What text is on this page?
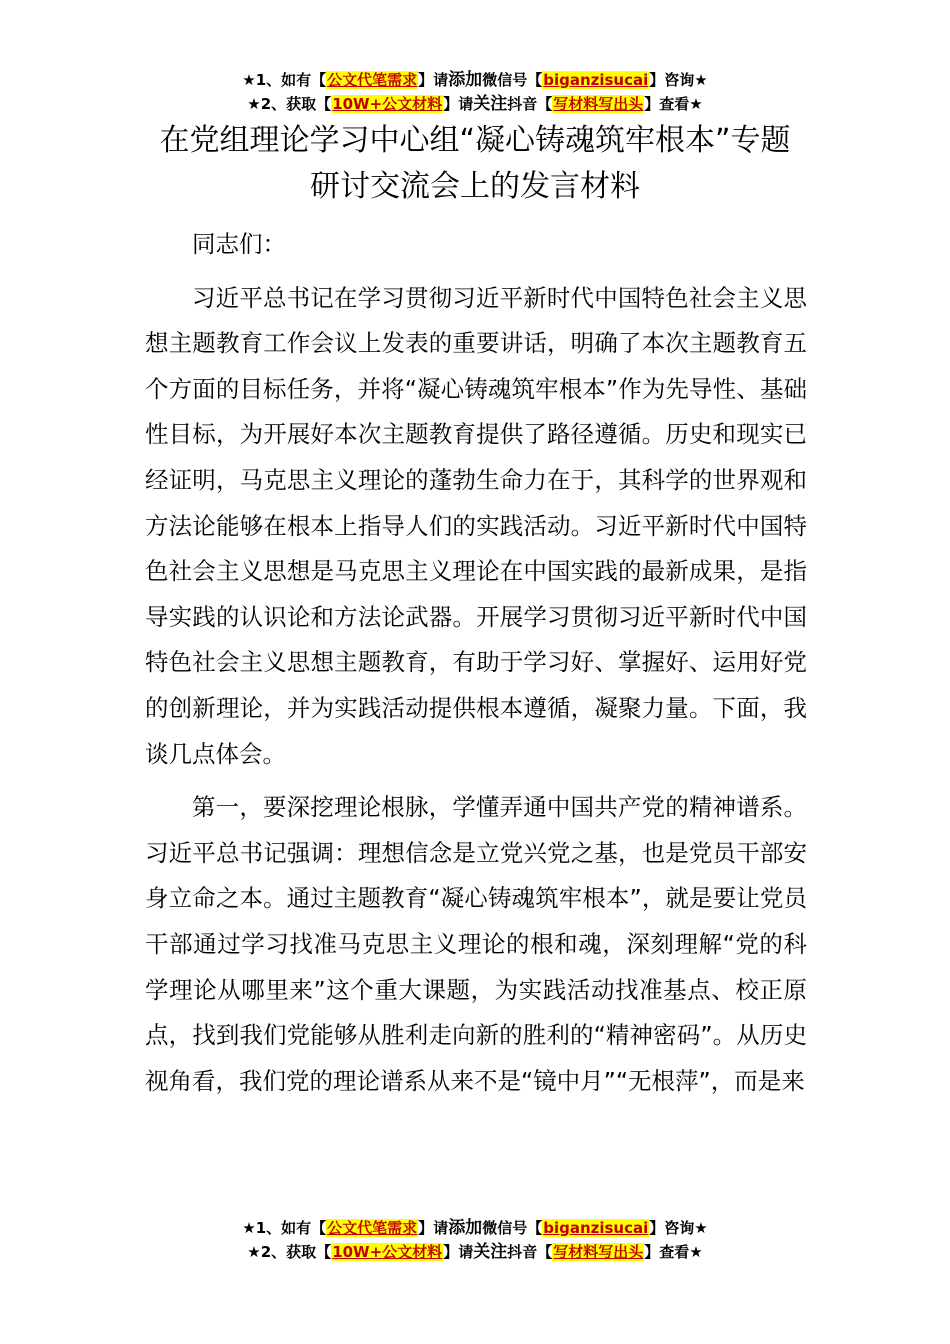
★1、如有【公文代笔需求】请添加微信号【biganzisucai】咨询★
★2、获取【10W+公文材料】请关注抖音【写材料写出头】查看★
在党组理论学习中心组“凝心铸魂筑牢根本”专题研讨交流会上的发言材料

同志们：

习近平总书记在学习贯彻习近平新时代中国特色社会主义思想主题教育工作会议上发表的重要讲话，明确了本次主题教育五个方面的目标任务，并将“凝心铸魂筑牢根本”作为先导性、基础性目标，为开展好本次主题教育提供了路径遵循。历史和现实已经证明，马克思主义理论的蓬勃生命力在于，其科学的世界观和方法论能够在根本上指导人们的实践活动。习近平新时代中国特色社会主义思想是马克思主义理论在中国实践的最新成果，是指导实践的认识论和方法论武器。开展学习贯彻习近平新时代中国特色社会主义思想主题教育，有助于学习好、掌握好、运用好党的创新理论，并为实践活动提供根本遵循，凝聚力量。下面，我谈几点体会。

第一，要深挖理论根脉，学懂弄通中国共产党的精神谱系。习近平总书记强调：理想信念是立党兴党之基，也是党员干部安身立命之本。通过主题教育“凝心铸魂筑牢根本”，就是要让党员干部通过学习找准马克思主义理论的根和魂，深刻理解“党的科学理论从哪里来”这个重大课题，为实践活动找准基点、校正原点，找到我们党能够从胜利走向新的胜利的“精神密码”。从历史视角看，我们党的理论谱系从来不是“镜中月”“无根萍”，而是来

★1、如有【公文代笔需求】请添加微信号【biganzisucai】咨询★
★2、获取【10W+公文材料】请关注抖音【写材料写出头】查看★
